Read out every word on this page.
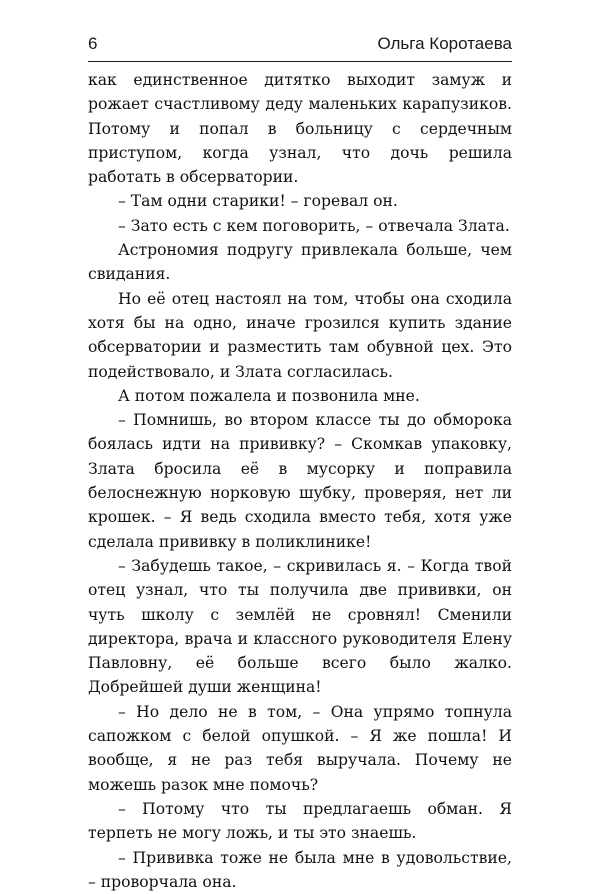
6	Ольга Коротаева

как единственное дитятко выходит замуж и рожает счастливому деду маленьких карапузиков. Потому и попал в больницу с сердечным приступом, когда узнал, что дочь решила работать в обсерватории.

– Там одни старики! – горевал он.

– Зато есть с кем поговорить, – отвечала Злата.

Астрономия подругу привлекала больше, чем свидания.

Но её отец настоял на том, чтобы она сходила хотя бы на одно, иначе грозился купить здание обсерватории и разместить там обувной цех. Это подействовало, и Злата согласилась.

А потом пожалела и позвонила мне.

– Помнишь, во втором классе ты до обморока боялась идти на прививку? – Скомкав упаковку, Злата бросила её в мусорку и поправила белоснежную норковую шубку, проверяя, нет ли крошек. – Я ведь сходила вместо тебя, хотя уже сделала прививку в поликлинике!

– Забудешь такое, – скривилась я. – Когда твой отец узнал, что ты получила две прививки, он чуть школу с землёй не сровнял! Сменили директора, врача и классного руководителя Елену Павловну, её больше всего было жалко. Добрейшей души женщина!

– Но дело не в том, – Она упрямо топнула сапожком с белой опушкой. – Я же пошла! И вообще, я не раз тебя выручала. Почему не можешь разок мне помочь?

– Потому что ты предлагаешь обман. Я терпеть не могу ложь, и ты это знаешь.

– Прививка тоже не была мне в удовольствие, – проворчала она.
